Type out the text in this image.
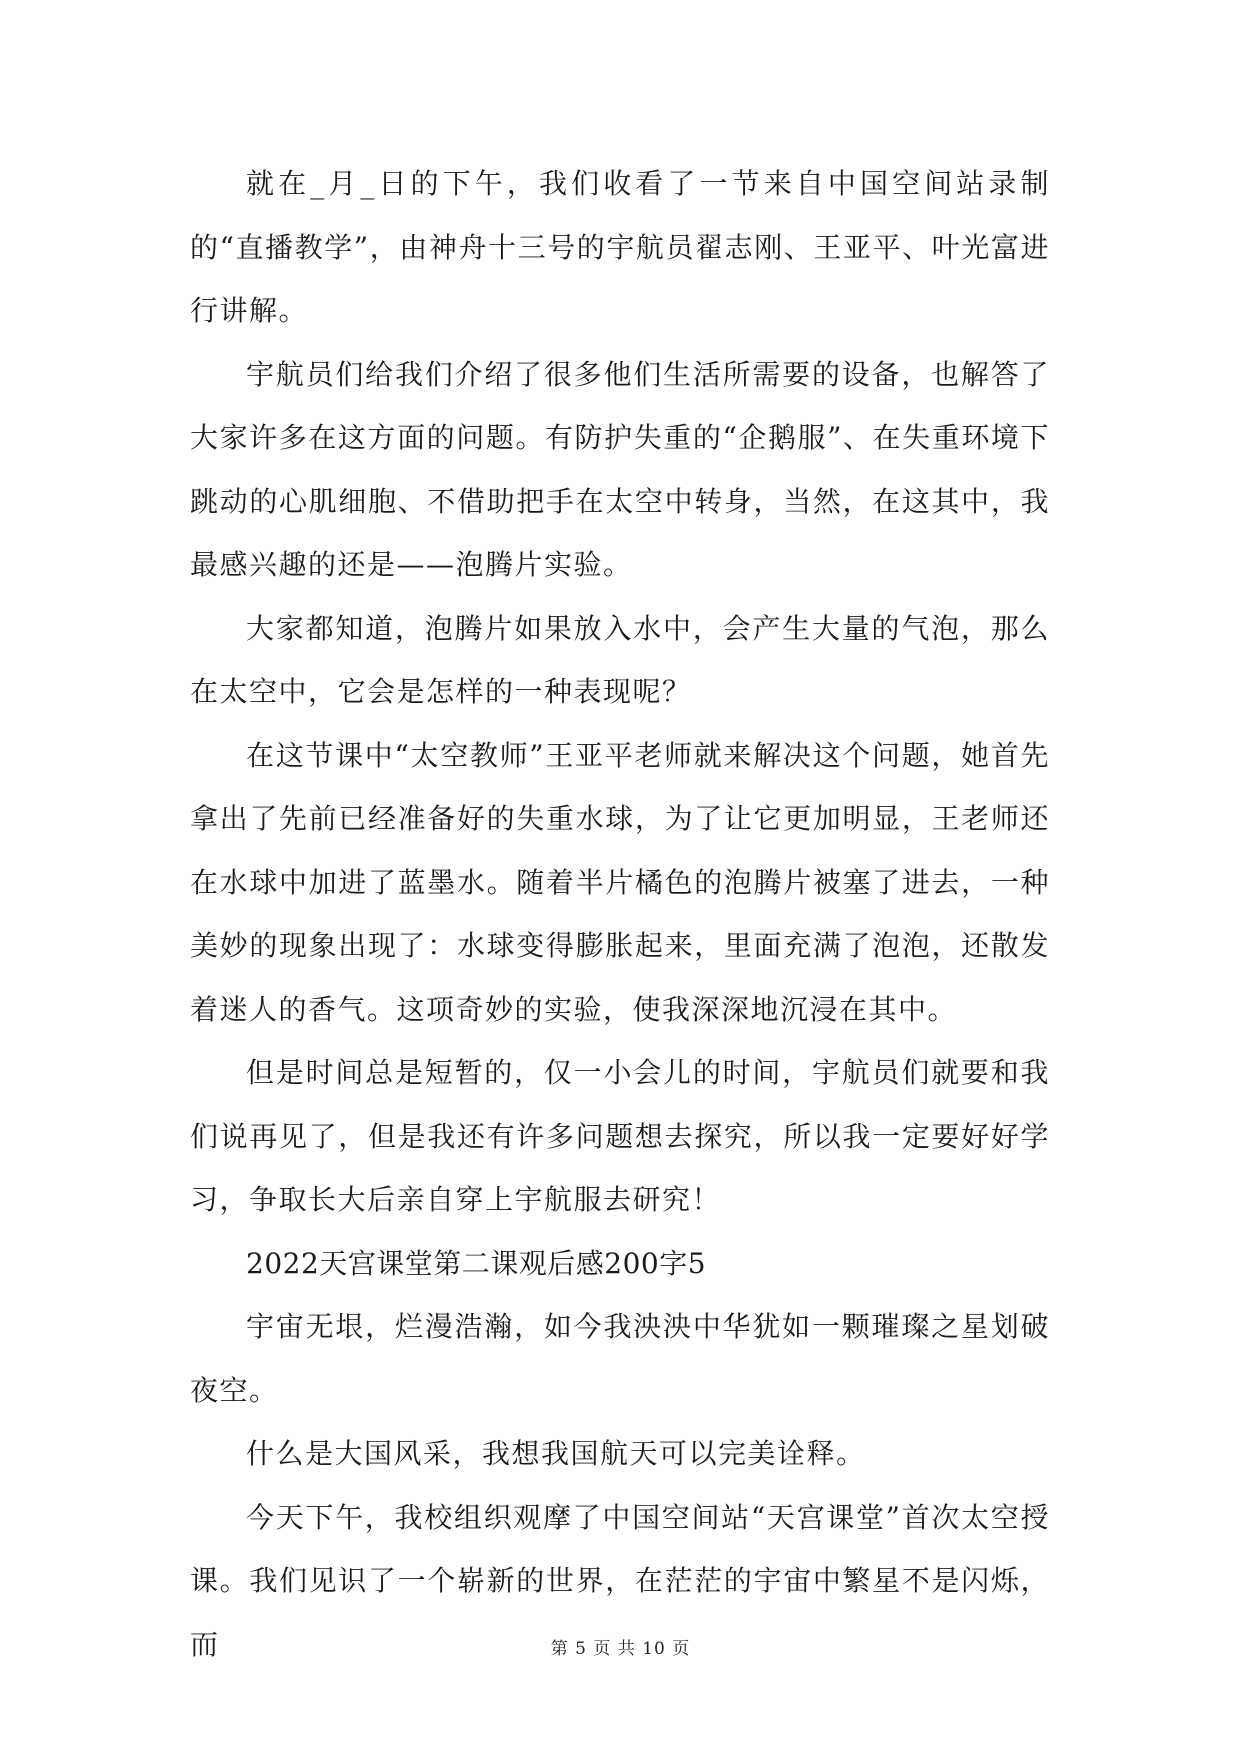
就在_月_日的下午，我们收看了一节来自中国空间站录制的“直播教学”，由神舟十三号的宇航员翟志刚、王亚平、叶光富进行讲解。

宇航员们给我们介绍了很多他们生活所需要的设备，也解答了大家许多在这方面的问题。有防护失重的“企鹅服”、在失重环境下跳动的心肌细胞、不借助把手在太空中转身，当然，在这其中，我最感兴趣的还是——泡腾片实验。

大家都知道，泡腾片如果放入水中，会产生大量的气泡，那么在太空中，它会是怎样的一种表现呢？

在这节课中“太空教师”王亚平老师就来解决这个问题，她首先拿出了先前已经准备好的失重水球，为了让它更加明显，王老师还在水球中加进了蓝墨水。随着半片橘色的泡腾片被塞了进去，一种美妙的现象出现了：水球变得膨胀起来，里面充满了泡泡，还散发着迷人的香气。这项奇妙的实验，使我深深地沉浸在其中。

但是时间总是短暂的，仅一小会儿的时间，宇航员们就要和我们说再见了，但是我还有许多问题想去探究，所以我一定要好好学习，争取长大后亲自穿上宇航服去研究！

2022天宫课堂第二课观后感200字5

宇宙无垠，烂漫浩瀚，如今我泱泱中华犹如一颗璀璨之星划破夜空。

什么是大国风采，我想我国航天可以完美诠释。

今天下午，我校组织观摩了中国空间站“天宫课堂”首次太空授课。我们见识了一个崭新的世界，在茫茫的宇宙中繁星不是闪烁，而	第 5 页 共 10 页
